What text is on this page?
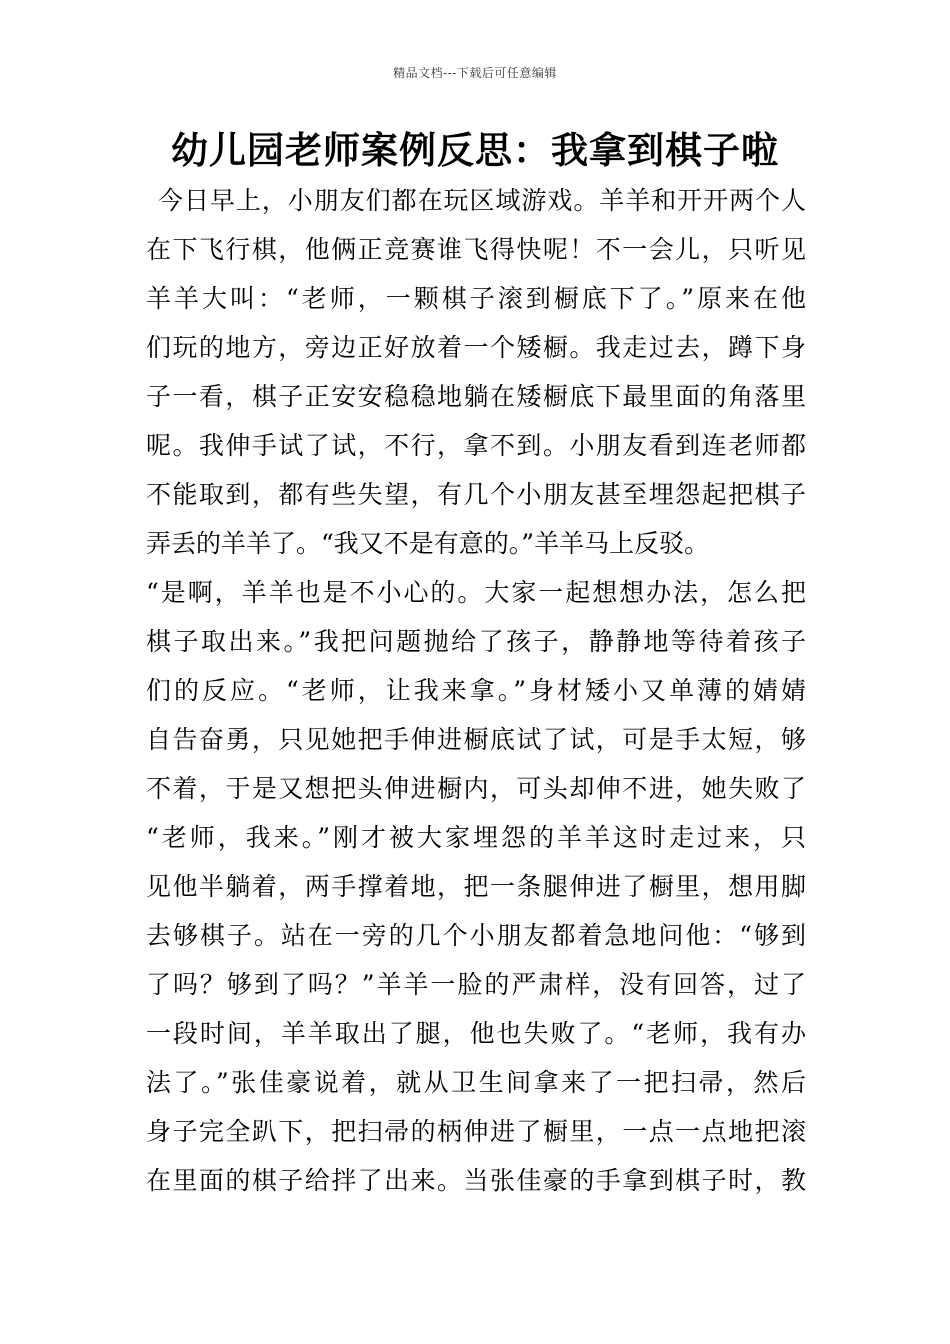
精品文档---下载后可任意编辑
幼儿园老师案例反思：我拿到棋子啦
今日早上，小朋友们都在玩区域游戏。羊羊和开开两个人
在下飞行棋，他俩正竞赛谁飞得快呢！不一会儿，只听见
羊羊大叫：“老师，一颗棋子滚到橱底下了。”原来在他
们玩的地方，旁边正好放着一个矮橱。我走过去，蹲下身
子一看，棋子正安安稳稳地躺在矮橱底下最里面的角落里
呢。我伸手试了试，不行，拿不到。小朋友看到连老师都
不能取到，都有些失望，有几个小朋友甚至埋怨起把棋子
弄丢的羊羊了。“我又不是有意的。”羊羊马上反驳。
“是啊，羊羊也是不小心的。大家一起想想办法，怎么把
棋子取出来。”我把问题抛给了孩子，静静地等待着孩子
们的反应。“老师，让我来拿。”身材矮小又单薄的婧婧
自告奋勇，只见她把手伸进橱底试了试，可是手太短，够
不着，于是又想把头伸进橱内，可头却伸不进，她失败了
“老师，我来。”刚才被大家埋怨的羊羊这时走过来，只
见他半躺着，两手撑着地，把一条腿伸进了橱里，想用脚
去够棋子。站在一旁的几个小朋友都着急地问他：“够到
了吗？够到了吗？”羊羊一脸的严肃样，没有回答，过了
一段时间，羊羊取出了腿，他也失败了。“老师，我有办
法了。”张佳豪说着，就从卫生间拿来了一把扫帚，然后
身子完全趴下，把扫帚的柄伸进了橱里，一点一点地把滚
在里面的棋子给拌了出来。当张佳豪的手拿到棋子时，教
